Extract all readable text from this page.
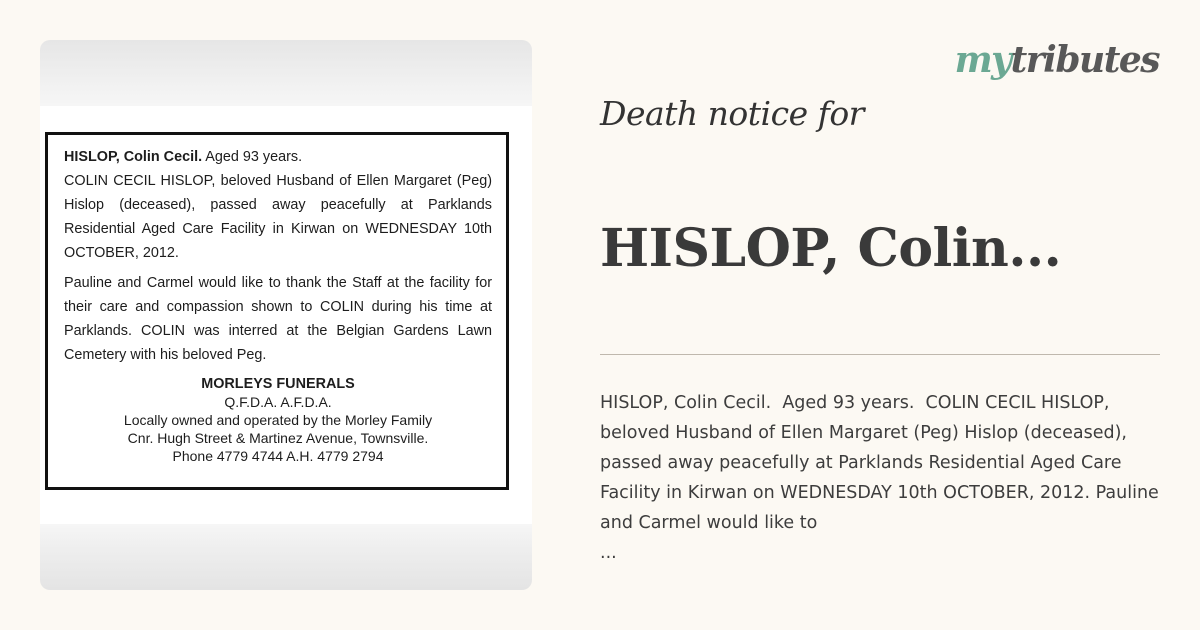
HISLOP, Colin Cecil. Aged 93 years.

COLIN CECIL HISLOP, beloved Husband of Ellen Margaret (Peg) Hislop (deceased), passed away peacefully at Parklands Residential Aged Care Facility in Kirwan on WEDNESDAY 10th OCTOBER, 2012.

Pauline and Carmel would like to thank the Staff at the facility for their care and compassion shown to COLIN during his time at Parklands. COLIN was interred at the Belgian Gardens Lawn Cemetery with his beloved Peg.

MORLEYS FUNERALS
Q.F.D.A. A.F.D.A.
Locally owned and operated by the Morley Family
Cnr. Hugh Street & Martinez Avenue, Townsville.
Phone 4779 4744 A.H. 4779 2794
mytributes
Death notice for
HISLOP, Colin...
HISLOP, Colin Cecil.  Aged 93 years.  COLIN CECIL HISLOP, beloved Husband of Ellen Margaret (Peg) Hislop (deceased), passed away peacefully at Parklands Residential Aged Care Facility in Kirwan on WEDNESDAY 10th OCTOBER, 2012. Pauline and Carmel would like to
...
